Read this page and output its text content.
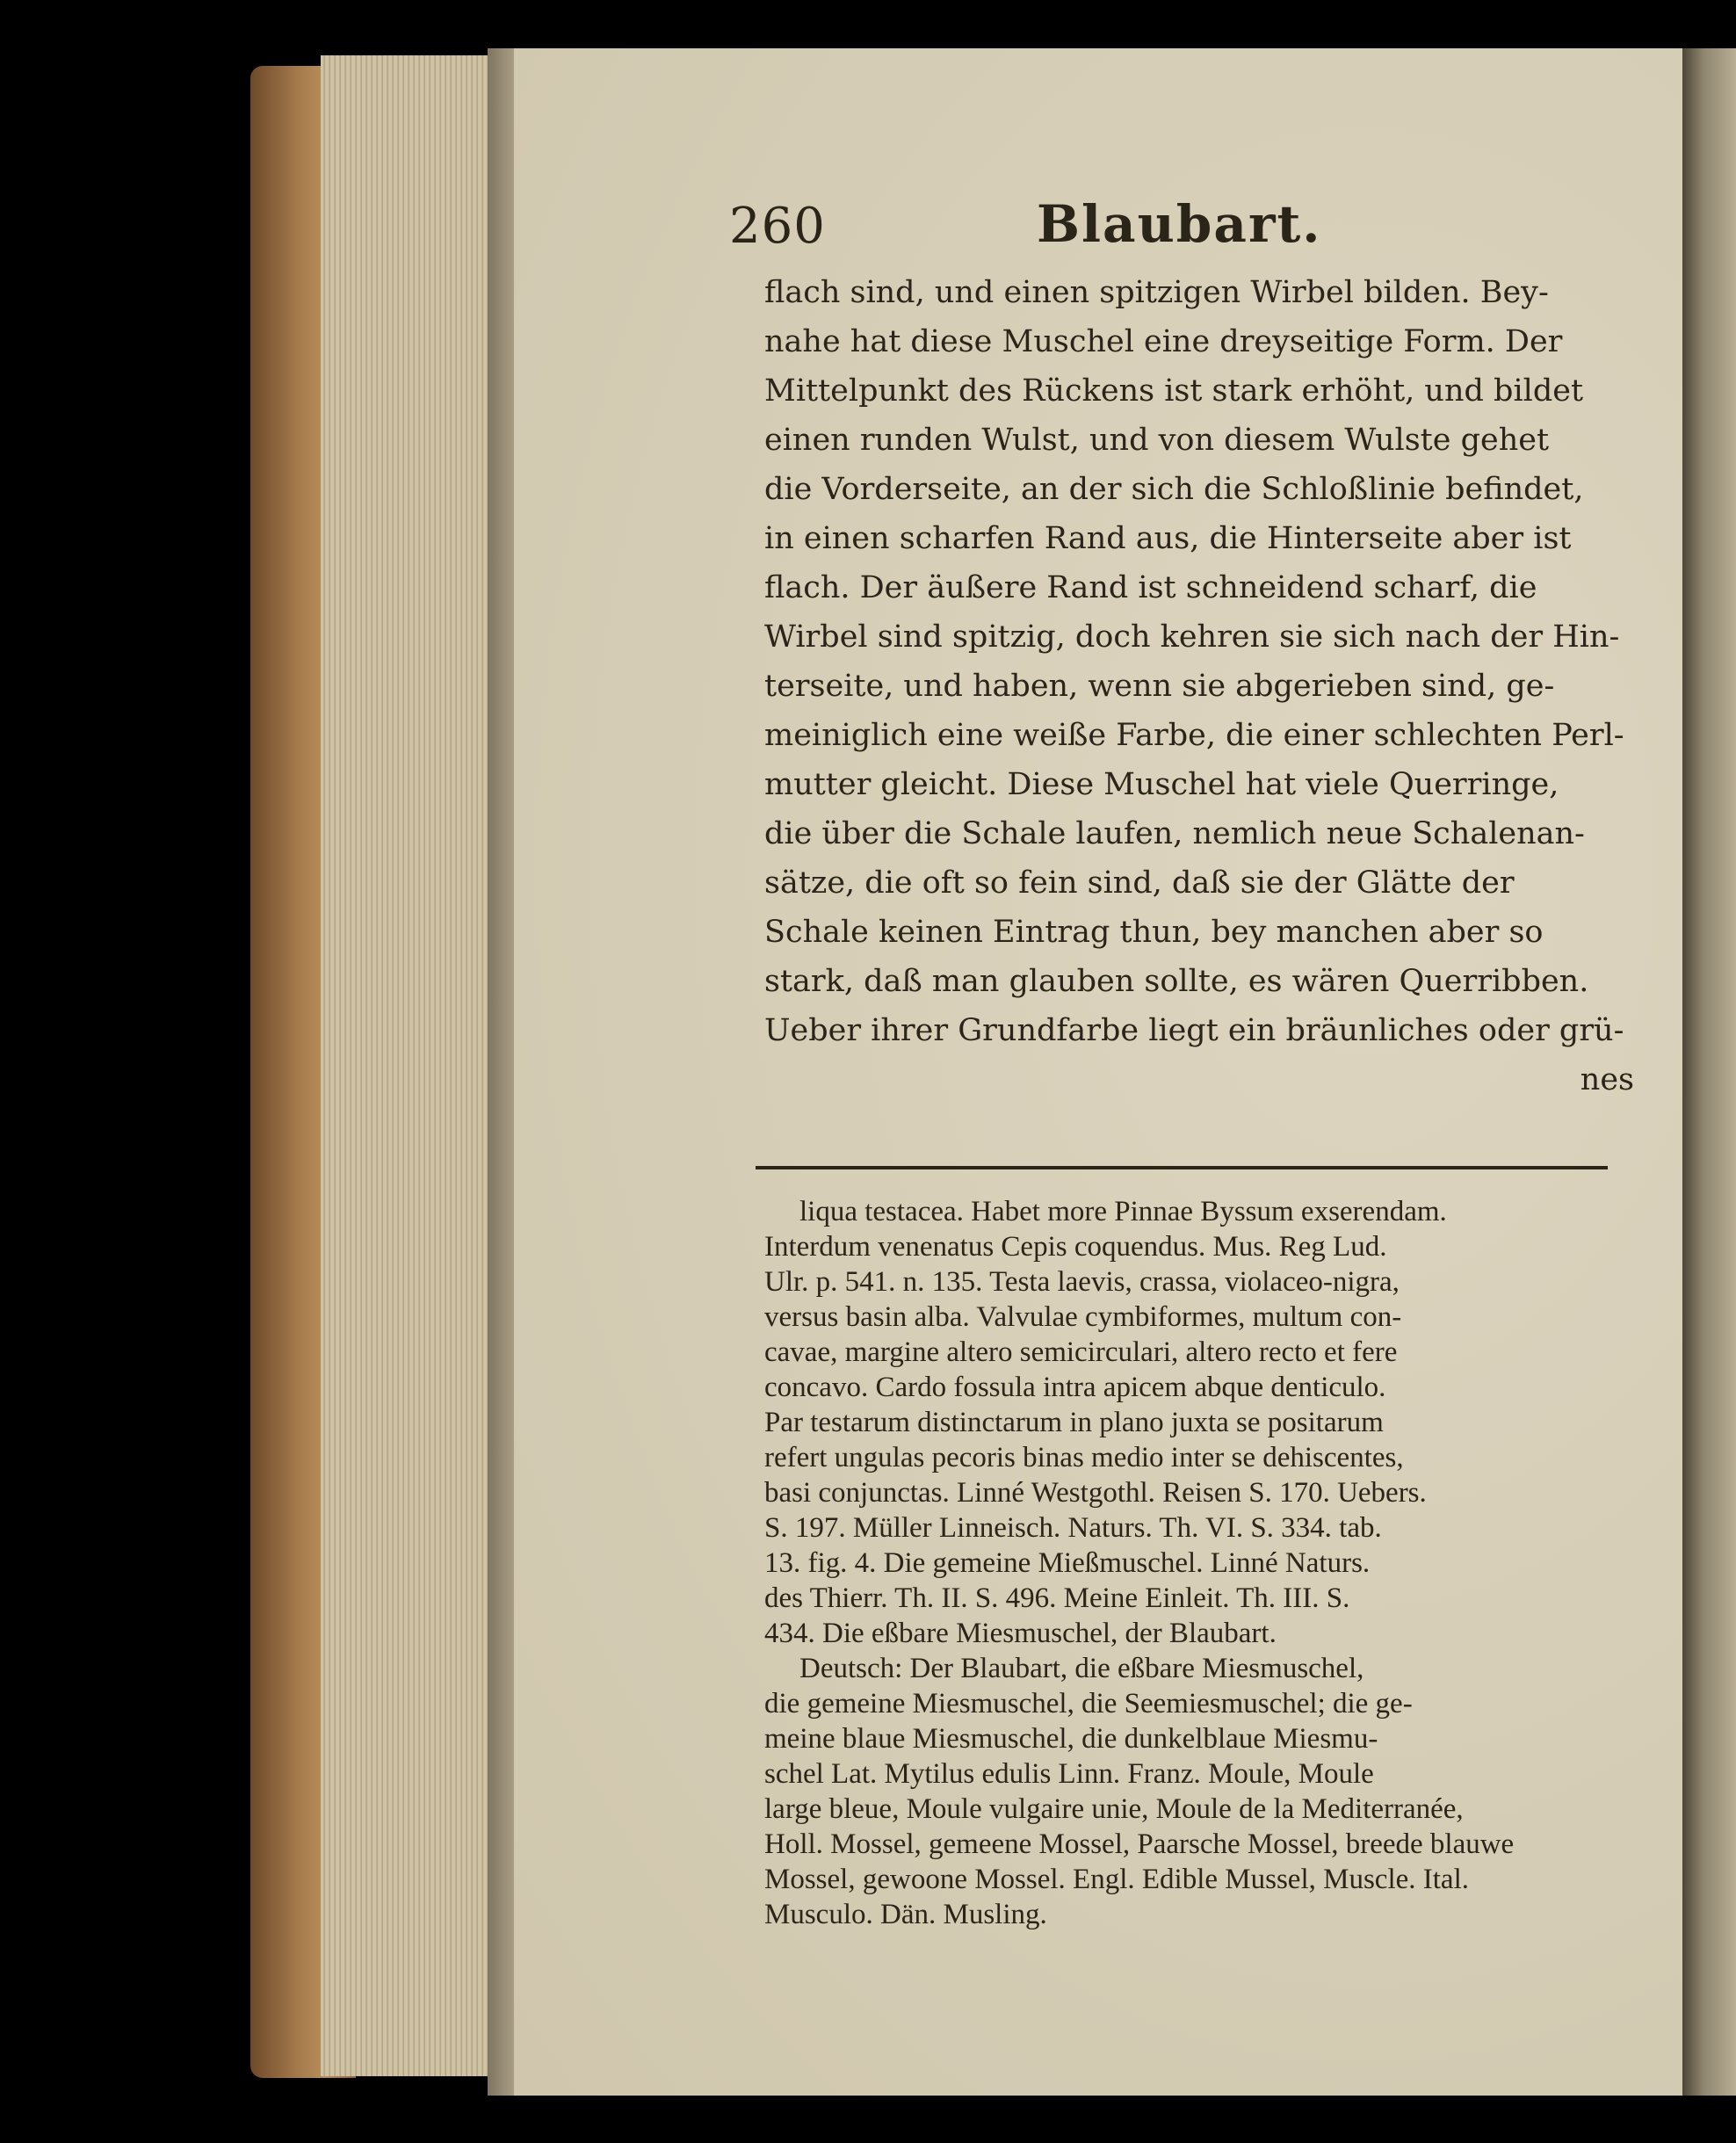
260	Blaubart.

flach sind, und einen spitzigen Wirbel bilden. Bey-
nahe hat diese Muschel eine dreyseitige Form. Der
Mittelpunkt des Rückens ist stark erhöht, und bildet
einen runden Wulst, und von diesem Wulste gehet
die Vorderseite, an der sich die Schloßlinie befindet,
in einen scharfen Rand aus, die Hinterseite aber ist
flach. Der äußere Rand ist schneidend scharf, die
Wirbel sind spitzig, doch kehren sie sich nach der Hin-
terseite, und haben, wenn sie abgerieben sind, ge-
meiniglich eine weiße Farbe, die einer schlechten Perl-
mutter gleicht. Diese Muschel hat viele Querringe,
die über die Schale laufen, nemlich neue Schalenan-
sätze, die oft so fein sind, daß sie der Glätte der
Schale keinen Eintrag thun, bey manchen aber so
stark, daß man glauben sollte, es wären Querribben.
Ueber ihrer Grundfarbe liegt ein bräunliches oder grü-

nes
liqua testacea. Habet more Pinnae Byssum exserendam.
Interdum venenatus Cepis coquendus. Mus. Reg Lud.
Ulr. p. 541. n. 135. Testa laevis, crassa, violaceo-nigra,
versus basin alba. Valvulae cymbiformes, multum con-
cavae, margine altero semicirculari, altero recto et fere
concavo. Cardo fossula intra apicem abque denticulo.
Par testarum distinctarum in plano juxta se positarum
refert ungulas pecoris binas medio inter se dehiscentes,
basi conjunctas. Linné Westgothl. Reisen S. 170. Uebers.
S. 197. Müller Linneisch. Naturs. Th. VI. S. 334. tab.
13. fig. 4. Die gemeine Mießmuschel. Linné Naturs.
des Thierr. Th. II. S. 496. Meine Einleit. Th. III. S.
434. Die eßbare Miesmuschel, der Blaubart.
Deutsch: Der Blaubart, die eßbare Miesmuschel,
die gemeine Miesmuschel, die Seemiesmuschel; die ge-
meine blaue Miesmuschel, die dunkelblaue Miesmu-
schel Lat. Mytilus edulis Linn. Franz. Moule, Moule
large bleue, Moule vulgaire unie, Moule de la Mediterranée,
Holl. Mossel, gemeene Mossel, Paarsche Mossel, breede blauwe
Mossel, gewoone Mossel. Engl. Edible Mussel, Muscle. Ital.
Musculo. Dän. Musling.
